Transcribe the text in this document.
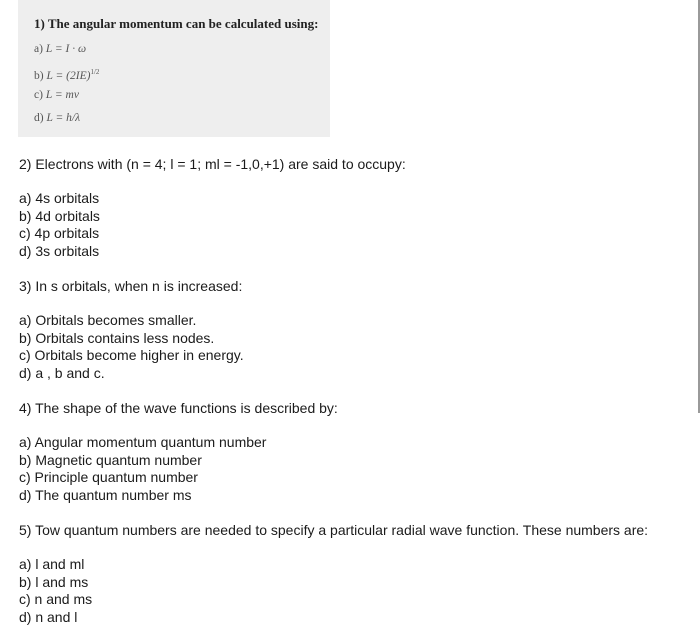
1) The angular momentum can be calculated using:
a) L = I ∙ ω
b) $L = (2IE)^{1/2}$
c) L = mv
d) L = h/λ
2) Electrons with (n = 4; l = 1; ml = -1,0,+1) are said to occupy:
a) 4s orbitals
b) 4d orbitals
c) 4p orbitals
d) 3s orbitals
3) In s orbitals, when n is increased:
a) Orbitals becomes smaller.
b) Orbitals contains less nodes.
c) Orbitals become higher in energy.
d) a , b and c.
4) The shape of the wave functions is described by:
a) Angular momentum quantum number
b) Magnetic quantum number
c) Principle quantum number
d) The quantum number ms
5) Tow quantum numbers are needed to specify a particular radial wave function. These numbers are:
a) l and ml
b) l and ms
c) n and ms
d) n and l
